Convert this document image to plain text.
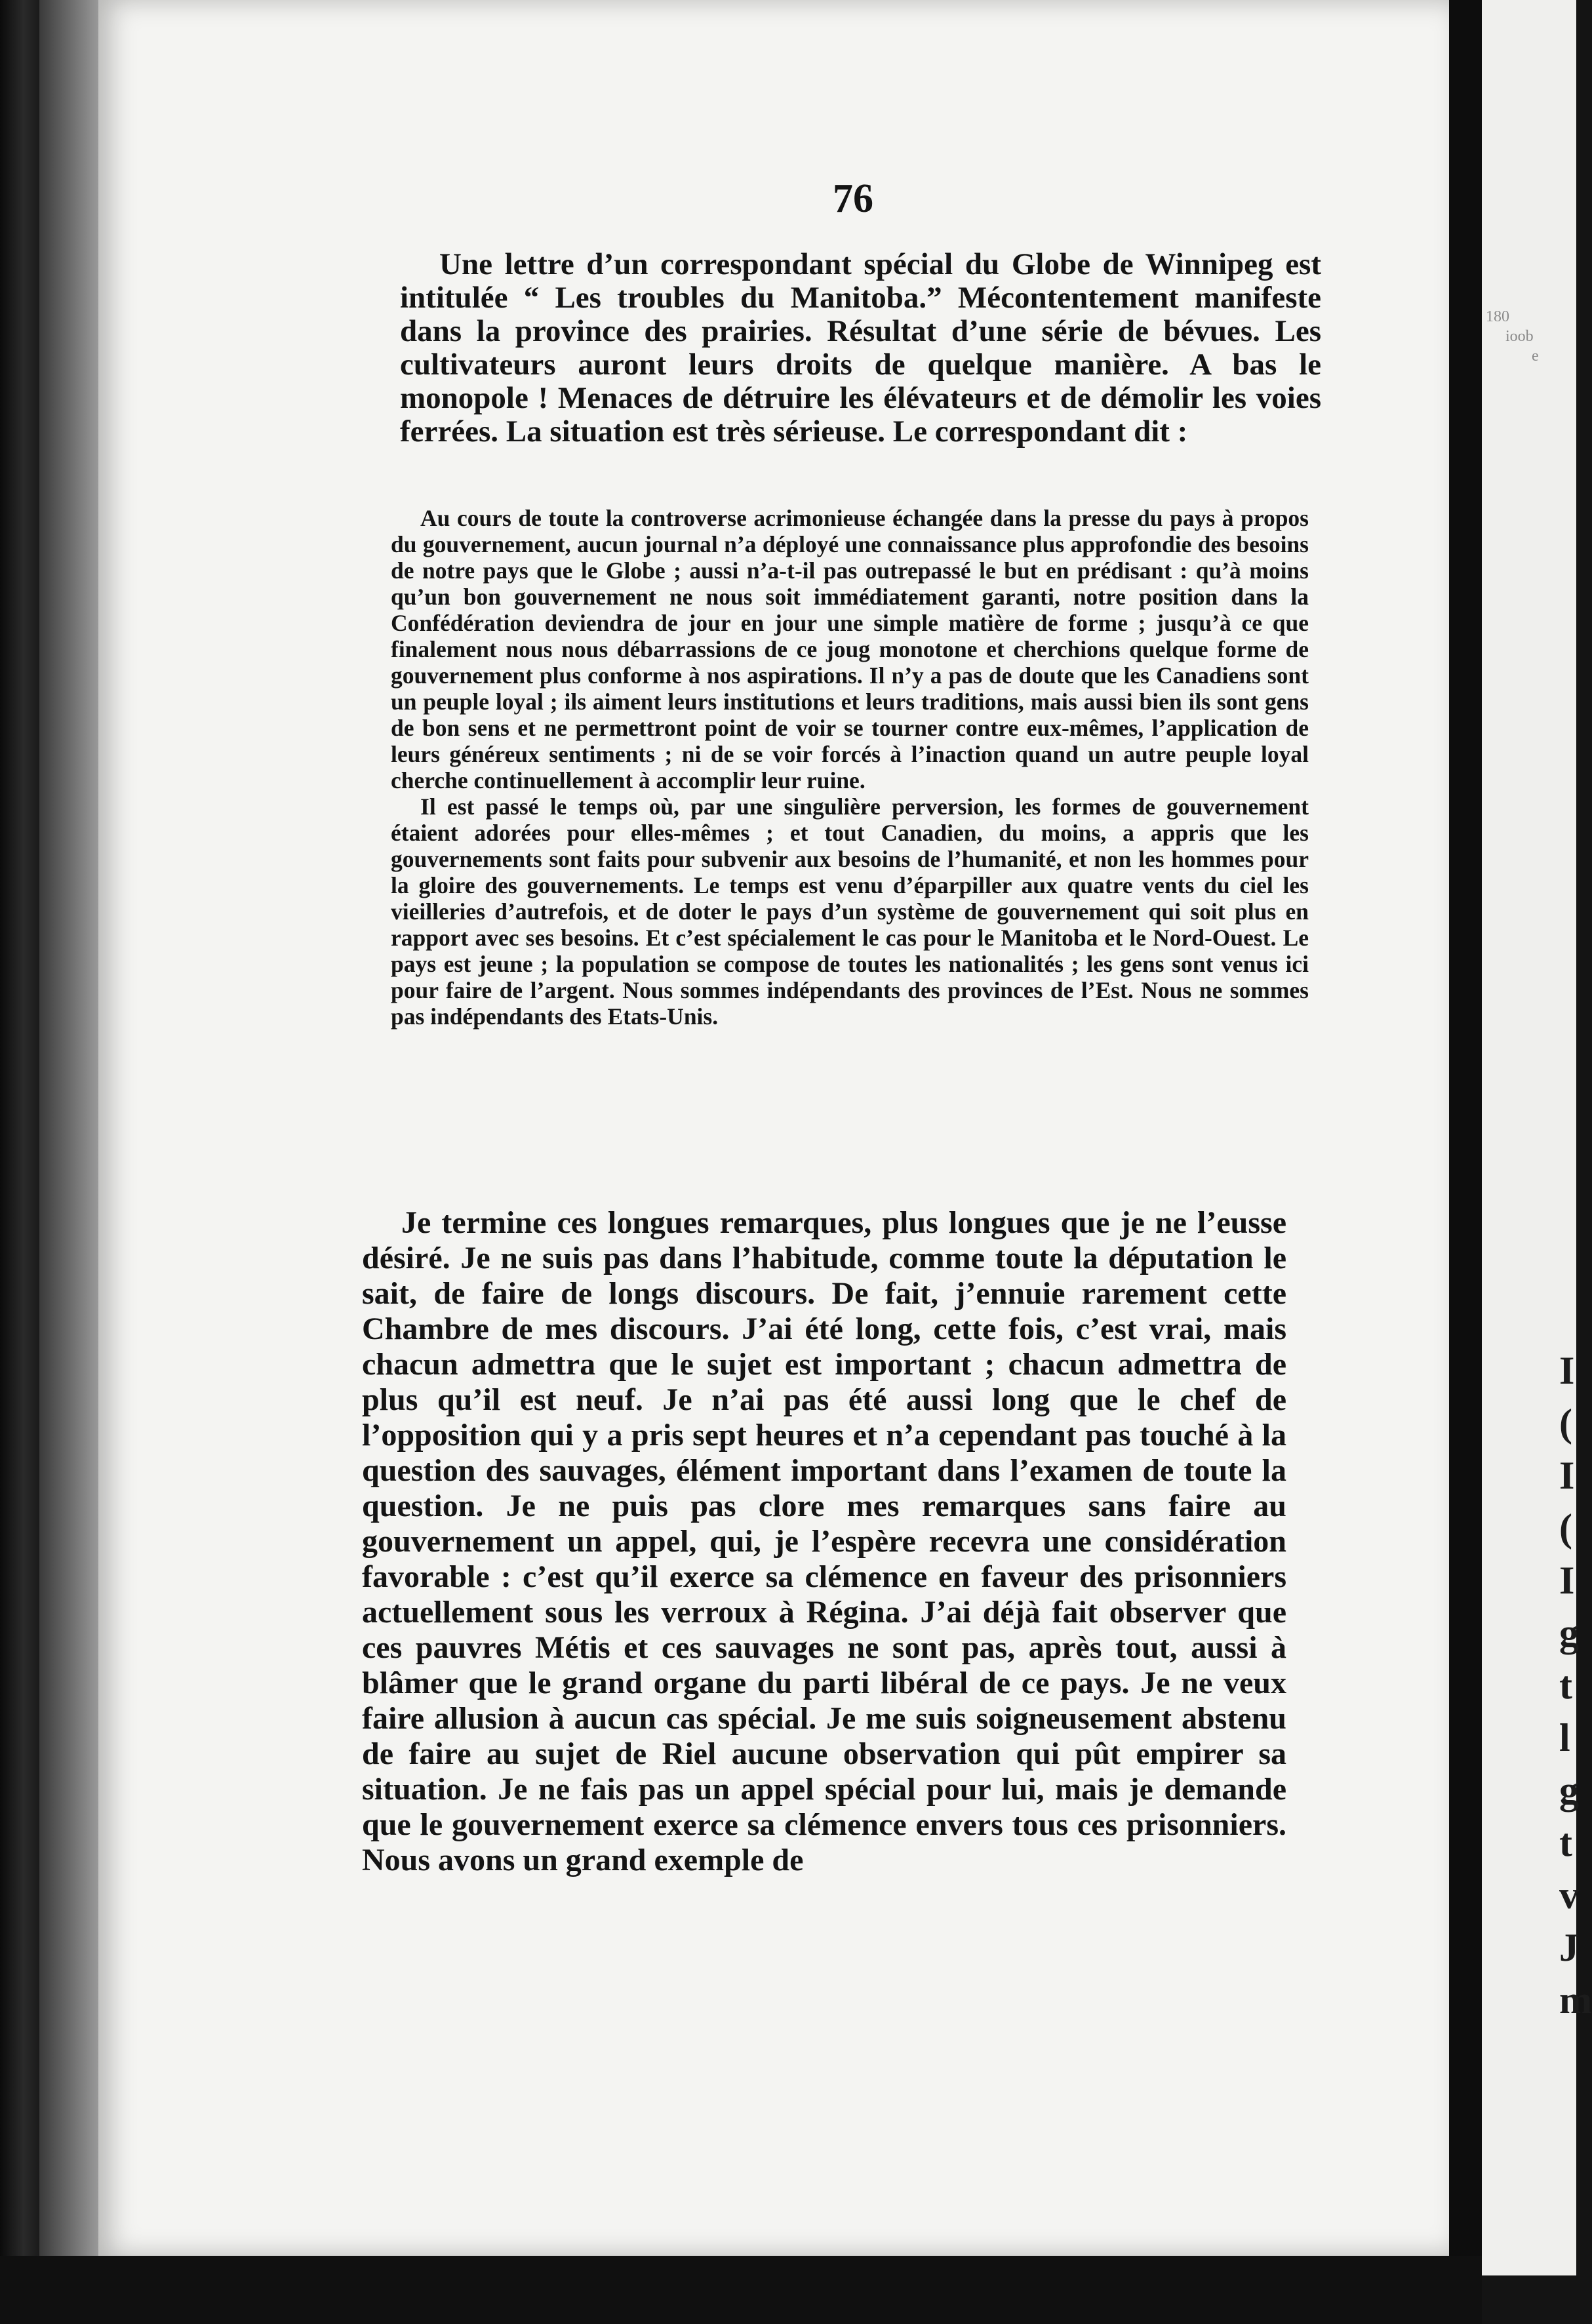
180
ioob
e
I
(
I
(
I
g
t
l
g
t
v
J
m
76

Une lettre d’un correspondant spécial du Globe de Winnipeg est intitulée “ Les troubles du Manitoba.” Mécontentement manifeste dans la province des prairies. Résultat d’une série de bévues. Les cultivateurs auront leurs droits de quelque manière. A bas le monopole ! Menaces de détruire les élévateurs et de démolir les voies ferrées. La situation est très sérieuse. Le correspondant dit :

Au cours de toute la controverse acrimonieuse échangée dans la presse du pays à propos du gouvernement, aucun journal n’a déployé une connaissance plus approfondie des besoins de notre pays que le Globe ; aussi n’a-t-il pas outrepassé le but en prédisant : qu’à moins qu’un bon gouvernement ne nous soit immédiatement garanti, notre position dans la Confédération deviendra de jour en jour une simple matière de forme ; jusqu’à ce que finalement nous nous débarrassions de ce joug monotone et cherchions quelque forme de gouvernement plus conforme à nos aspirations. Il n’y a pas de doute que les Canadiens sont un peuple loyal ; ils aiment leurs institutions et leurs traditions, mais aussi bien ils sont gens de bon sens et ne permettront point de voir se tourner contre eux-mêmes, l’application de leurs généreux sentiments ; ni de se voir forcés à l’inaction quand un autre peuple loyal cherche continuellement à accomplir leur ruine.

Il est passé le temps où, par une singulière perversion, les formes de gouvernement étaient adorées pour elles-mêmes ; et tout Canadien, du moins, a appris que les gouvernements sont faits pour subvenir aux besoins de l’humanité, et non les hommes pour la gloire des gouvernements. Le temps est venu d’éparpiller aux quatre vents du ciel les vieilleries d’autrefois, et de doter le pays d’un système de gouvernement qui soit plus en rapport avec ses besoins. Et c’est spécialement le cas pour le Manitoba et le Nord-Ouest. Le pays est jeune ; la population se compose de toutes les nationalités ; les gens sont venus ici pour faire de l’argent. Nous sommes indépendants des provinces de l’Est. Nous ne sommes pas indépendants des Etats-Unis.

Je termine ces longues remarques, plus longues que je ne l’eusse désiré. Je ne suis pas dans l’habitude, comme toute la députation le sait, de faire de longs discours. De fait, j’ennuie rarement cette Chambre de mes discours. J’ai été long, cette fois, c’est vrai, mais chacun admettra que le sujet est important ; chacun admettra de plus qu’il est neuf. Je n’ai pas été aussi long que le chef de l’opposition qui y a pris sept heures et n’a cependant pas touché à la question des sauvages, élément important dans l’examen de toute la question. Je ne puis pas clore mes remarques sans faire au gouvernement un appel, qui, je l’espère recevra une considération favorable : c’est qu’il exerce sa clémence en faveur des prisonniers actuellement sous les verroux à Régina. J’ai déjà fait observer que ces pauvres Métis et ces sauvages ne sont pas, après tout, aussi à blâmer que le grand organe du parti libéral de ce pays. Je ne veux faire allusion à aucun cas spécial. Je me suis soigneusement abstenu de faire au sujet de Riel aucune observation qui pût empirer sa situation. Je ne fais pas un appel spécial pour lui, mais je demande que le gouvernement exerce sa clémence envers tous ces prisonniers. Nous avons un grand exemple de
